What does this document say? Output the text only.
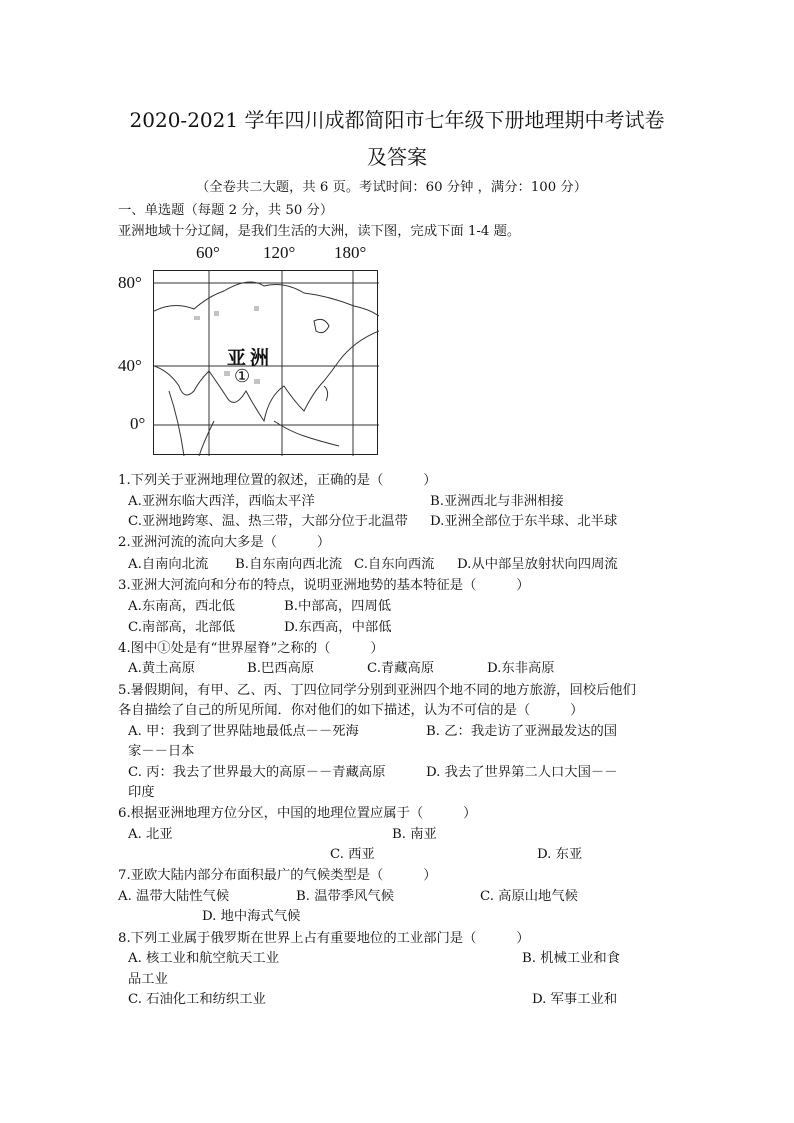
2020-2021 学年四川成都简阳市七年级下册地理期中考试卷
及答案
（全卷共二大题，共 6 页。考试时间：60 分钟 ，满分：100 分）
一、单选题（每题 2 分，共 50 分）
亚洲地域十分辽阔，是我们生活的大洲，读下图，完成下面 1-4 题。
60°	120° 180°
80°
40°
0°
亚洲
①
1.下列关于亚洲地理位置的叙述，正确的是（　　　）
A.亚洲东临大西洋，西临太平洋	B.亚洲西北与非洲相接
C.亚洲地跨寒、温、热三带，大部分位于北温带 D.亚洲全部位于东半球、北半球
2.亚洲河流的流向大多是（　　　）
A.自南向北流 B.自东南向西北流 C.自东向西流 D.从中部呈放射状向四周流
3.亚洲大河流向和分布的特点，说明亚洲地势的基本特征是（　　　）
A.东南高，西北低	B.中部高，四周低
C.南部高，北部低	D.东西高，中部低
4.图中①处是有“世界屋脊”之称的（　　　）
A.黄土高原	B.巴西高原	C.青藏高原	D.东非高原
5.暑假期间，有甲、乙、丙、丁四位同学分别到亚洲四个地不同的地方旅游，回校后他们
各自描绘了自己的所见所闻．你对他们的如下描述，认为不可信的是（　　　）
A. 甲：我到了世界陆地最低点－－死海	B. 乙：我走访了亚洲最发达的国
家－－日本
C. 丙：我去了世界最大的高原－－青藏高原	D. 我去了世界第二人口大国－－
印度
6.根据亚洲地理方位分区，中国的地理位置应属于（　　　）
A. 北亚	B. 南亚
C. 西亚	D. 东亚
7.亚欧大陆内部分布面积最广的气候类型是（　　　）
A. 温带大陆性气候	B. 温带季风气候	C. 高原山地气候
D. 地中海式气候
8.下列工业属于俄罗斯在世界上占有重要地位的工业部门是（　　　）
A. 核工业和航空航天工业	B. 机械工业和食
品工业
C. 石油化工和纺织工业	D. 军事工业和
